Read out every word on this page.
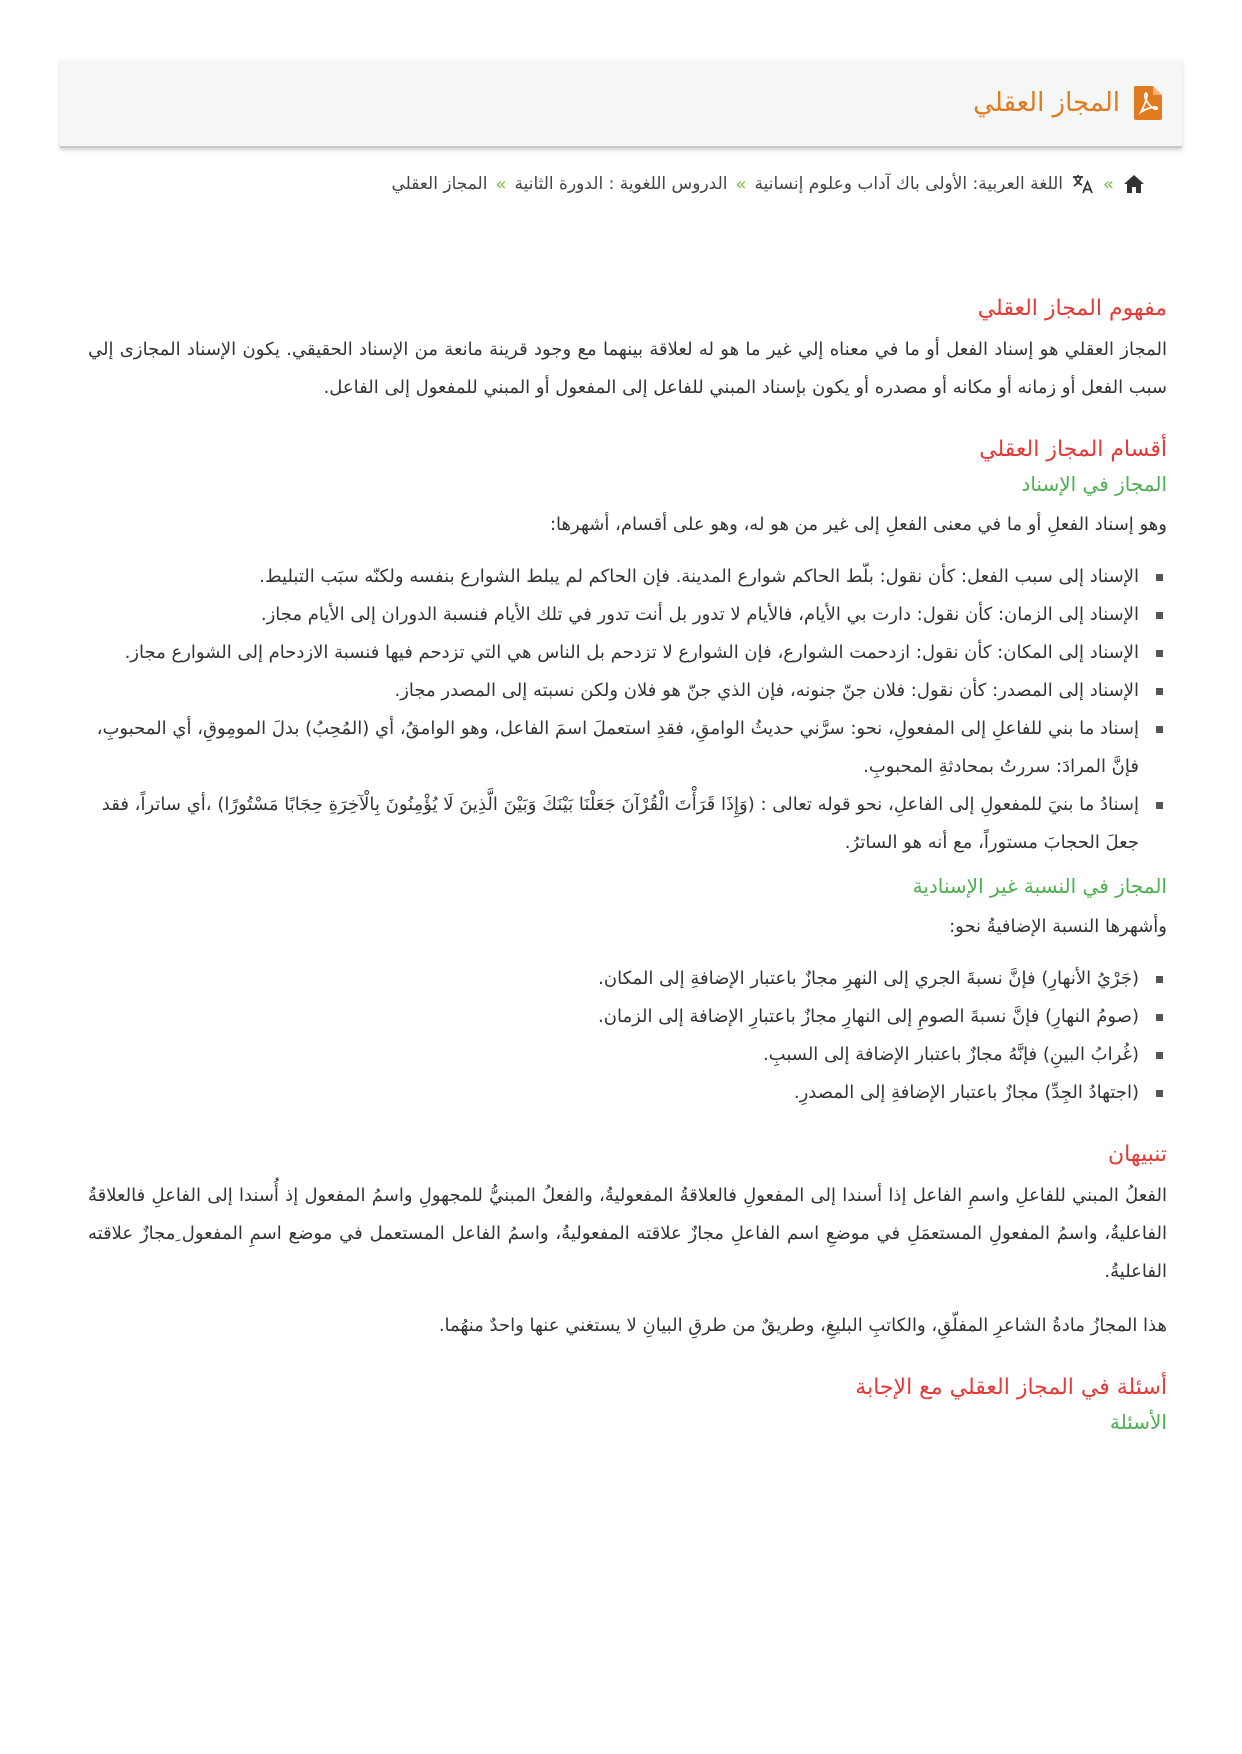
المجاز العقلي
»
اللغة العربية: الأولى باك آداب وعلوم إنسانية
»
الدروس اللغوية : الدورة الثانية
»
المجاز العقلي
مفهوم المجاز العقلي

المجاز العقلي هو إسناد الفعل أو ما في معناه إلي غير ما هو له لعلاقة بينهما مع وجود قرينة مانعة من الإسناد الحقيقي. يكون الإسناد المجازى إلي سبب الفعل أو زمانه أو مكانه أو مصدره أو يكون بإسناد المبني للفاعل إلى المفعول أو المبني للمفعول إلى الفاعل.

أقسام المجاز العقلي
المجاز في الإسناد

وهو إسناد الفعلِ أو ما في معنى الفعلِ إلى غير من هو له، وهو على أقسام، أشهرها:

الإسناد إلى سبب الفعل: كأن نقول: بلّط الحاكم شوارع المدينة. فإن الحاكم لم يبلط الشوارع بنفسه ولكنّه سبَب التبليط.
الإسناد إلى الزمان: كأن نقول: دارت بي الأيام، فالأيام لا تدور بل أنت تدور في تلك الأيام فنسبة الدوران إلى الأيام مجاز.
الإسناد إلى المكان: كأن نقول: ازدحمت الشوارع، فإن الشوارع لا تزدحم بل الناس هي التي تزدحم فيها فنسبة الازدحام إلى الشوارع مجاز.
الإسناد إلى المصدر: كأن نقول: فلان جنّ جنونه، فإن الذي جنّ هو فلان ولكن نسبته إلى المصدر مجاز.
إسناد ما بني للفاعلِ إلى المفعولِ، نحو: سرَّني حديثُ الوامقِ، فقدِ استعملَ اسمَ الفاعل، وهو الوامقُ، أي (المُحِبُ) بدلَ المومِوقِ، أي المحبوبِ، فإنَّ المرادَ: سررتُ بمحادثةِ المحبوبِ.
إسنادُ ما بنيَ للمفعولِ إلى الفاعلِ، نحو قوله تعالى : (وَإِذَا قَرَأْتَ الْقُرْآنَ جَعَلْنَا بَيْنَكَ وَبَيْنَ الَّذِينَ لَا يُؤْمِنُونَ بِالْآخِرَةِ حِجَابًا مَسْتُورًا) ،أي ساتراً، فقد جعلَ الحجابَ مستوراً، مع أنه هو الساترُ.
المجاز في النسبة غير الإسنادية

وأشهرها النسبة الإضافيةُ نحو:

(جَرْيُ الأنهارِ) فإنَّ نسبةَ الجري إلى النهرِ مجازٌ باعتبار الإضافةِ إلى المكان.
(صومُ النهارِ) فإنَّ نسبةَ الصومِ إلى النهارِ مجازٌ باعتبارِ الإضافة إلى الزمان.
(غُرابُ البينِ) فإنَّهُ مجازٌ باعتبار الإضافة إلى السببِ.
(اجتهادُ الجِدِّ) مجازٌ باعتبار الإضافةِ إلى المصدرِ.
تنبيهان

الفعلُ المبني للفاعلِ واسمِ الفاعل إذا أسندا إلى المفعولِ فالعلاقةُ المفعوليةُ، والفعلُ المبنيُّ للمجهولِ واسمُ المفعول إذ أُسندا إلى الفاعلِ فالعلاقةُ الفاعليةُ، واسمُ المفعولِ المستعمَلِ في موضعِ اسم الفاعلِ مجازٌ علاقته المفعوليةُ، واسمُ الفاعل المستعمل في موضع اسمِ المفعول ِمجازٌ علاقته الفاعليةُ.

هذا المجازُ مادةُ الشاعرِ المفلّقِ، والكاتبِ البليغِ، وطريقٌ من طرقِ البيانِ لا يستغني عنها واحدٌ منهُما.

أسئلة في المجاز العقلي مع الإجابة
الأسئلة
